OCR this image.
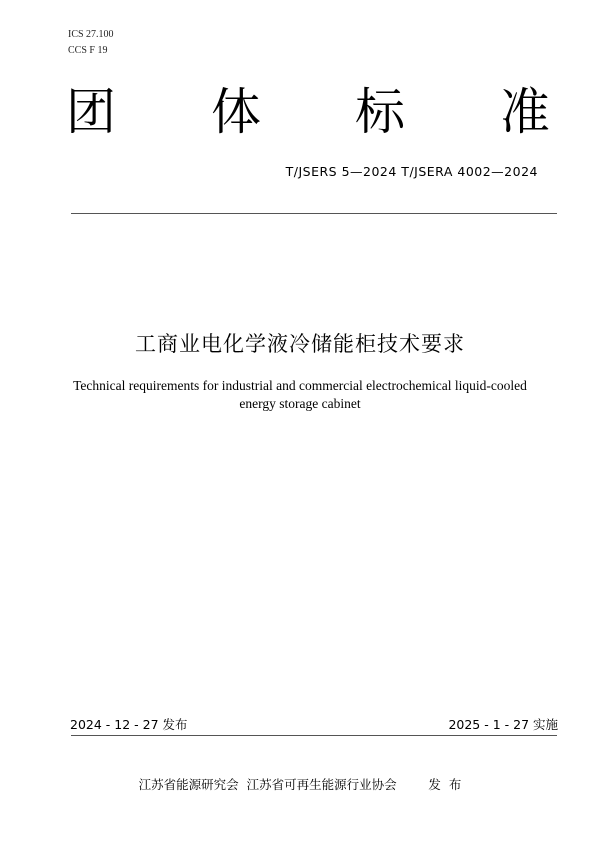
ICS 27.100
CCS F 19
团 体 标 准
T/JSERS 5—2024 T/JSERA 4002—2024
工商业电化学液冷储能柜技术要求
Technical requirements for industrial and commercial electrochemical liquid-cooled
energy storage cabinet
2024 - 12 - 27 发布	2025 - 1 - 27 实施
江苏省能源研究会  江苏省可再生能源行业协会        发  布
